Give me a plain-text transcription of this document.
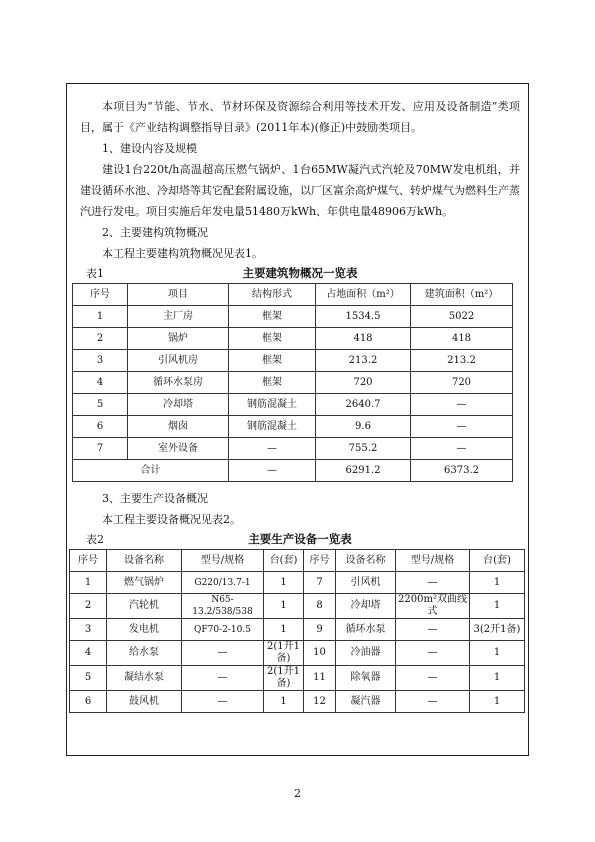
本项目为“节能、节水、节材环保及资源综合利用等技术开发、应用及设备制造”类项目，属于《产业结构调整指导目录》(2011年本)(修正)中鼓励类项目。

1、建设内容及规模

建设1台220t/h高温超高压燃气锅炉、1台65MW凝汽式汽轮及70MW发电机组，并建设循环水池、冷却塔等其它配套附属设施，以厂区富余高炉煤气、转炉煤气为燃料生产蒸汽进行发电。项目实施后年发电量51480万kWh、年供电量48906万kWh。

2、主要建构筑物概况

本工程主要建构筑物概况见表1。

表1	主要建筑物概况一览表
序号	项目	结构形式	占地面积（m²）	建筑面积（m²）
1	主厂房	框架	1534.5	5022
2	锅炉	框架	418	418
3	引风机房	框架	213.2	213.2
4	循环水泵房	框架	720	720
5	冷却塔	钢筋混凝土	2640.7	—
6	烟囱	钢筋混凝土	9.6	—
7	室外设备	—	755.2	—
合计		—	6291.2	6373.2

3、主要生产设备概况

本工程主要设备概况见表2。

表2	主要生产设备一览表
序号	设备名称	型号/规格	台(套)	序号	设备名称	型号/规格	台(套)
1	燃气锅炉	G220/13.7-1	1	7	引风机	—	1
2	汽轮机	N65-13.2/538/538	1	8	冷却塔	2200m²双曲线式	1
3	发电机	QF70-2-10.5	1	9	循环水泵	—	3(2开1备)
4	给水泵	—	2(1开1备)	10	冷油器	—	1
5	凝结水泵	—	2(1开1备)	11	除氧器	—	1
6	鼓风机	—	1	12	凝汽器	—	1
2
